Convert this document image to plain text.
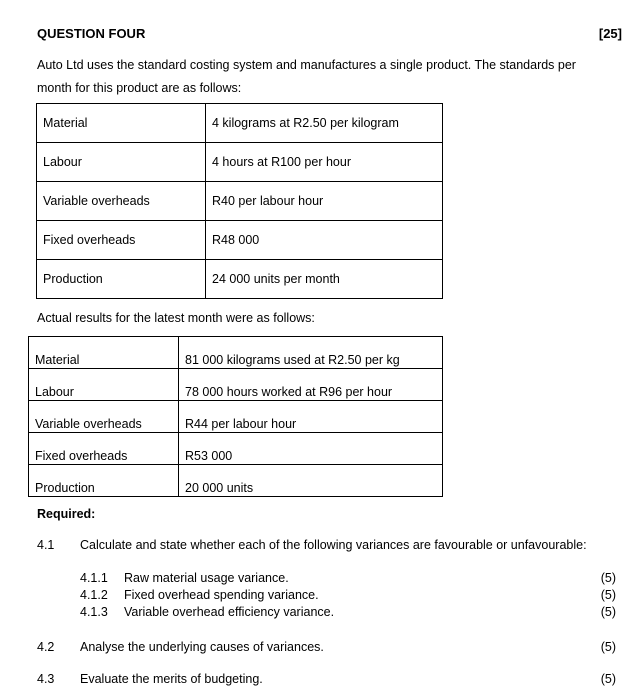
QUESTION FOUR	[25]
Auto Ltd uses the standard costing system and manufactures a single product. The standards per
month for this product are as follows:
Material	4 kilograms at R2.50 per kilogram
Labour	4 hours at R100 per hour
Variable overheads	R40 per labour hour
Fixed overheads	R48 000
Production	24 000 units per month
Actual results for the latest month were as follows:
Material	81 000 kilograms used at R2.50 per kg
Labour	78 000 hours worked at R96 per hour
Variable overheads	R44 per labour hour
Fixed overheads	R53 000
Production	20 000 units
Required:
4.1 Calculate and state whether each of the following variances are favourable or unfavourable:
4.1.1 Raw material usage variance.	(5)
4.1.2 Fixed overhead spending variance.	(5)
4.1.3 Variable overhead efficiency variance.	(5)
4.2 Analyse the underlying causes of variances.	(5)
4.3 Evaluate the merits of budgeting.	(5)
